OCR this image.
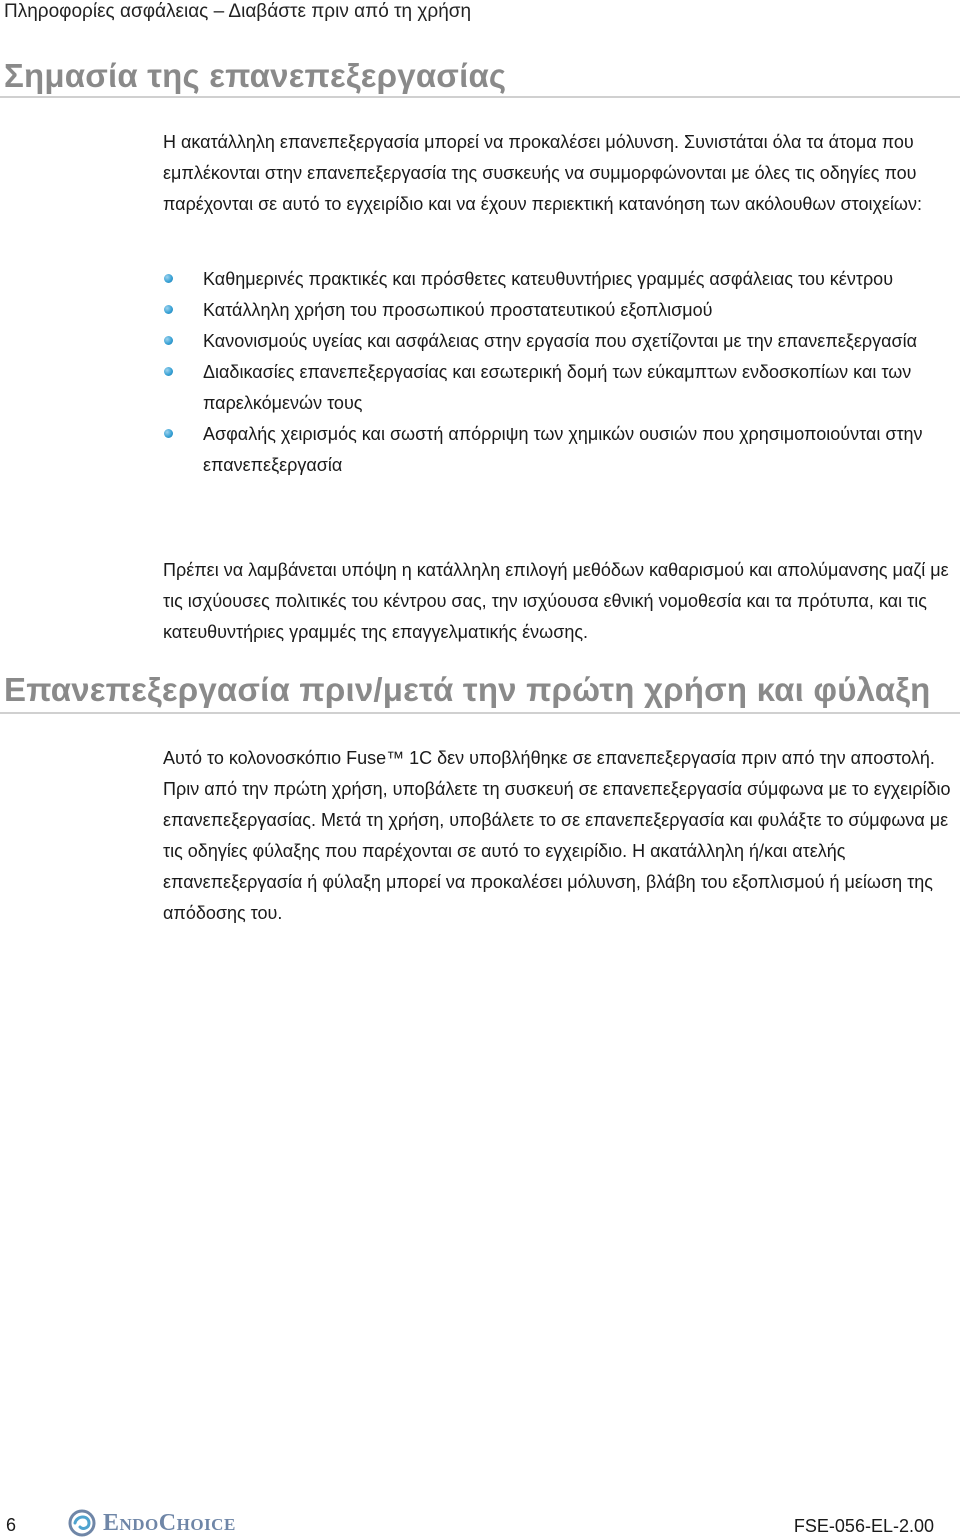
Πληροφορίες ασφάλειας – Διαβάστε πριν από τη χρήση
Σημασία της επανεπεξεργασίας

Η ακατάλληλη επανεπεξεργασία μπορεί να προκαλέσει μόλυνση. Συνιστάται όλα τα άτομα που εμπλέκονται στην επανεπεξεργασία της συσκευής να συμμορφώνονται με όλες τις οδηγίες που παρέχονται σε αυτό το εγχειρίδιο και να έχουν περιεκτική κατανόηση των ακόλουθων στοιχείων:

Καθημερινές πρακτικές και πρόσθετες κατευθυντήριες γραμμές ασφάλειας του κέντρου
Κατάλληλη χρήση του προσωπικού προστατευτικού εξοπλισμού
Κανονισμούς υγείας και ασφάλειας στην εργασία που σχετίζονται με την επανεπεξεργασία
Διαδικασίες επανεπεξεργασίας και εσωτερική δομή των εύκαμπτων ενδοσκοπίων και των παρελκόμενών τους
Ασφαλής χειρισμός και σωστή απόρριψη των χημικών ουσιών που χρησιμοποιούνται στην επανεπεξεργασία

Πρέπει να λαμβάνεται υπόψη η κατάλληλη επιλογή μεθόδων καθαρισμού και απολύμανσης μαζί με τις ισχύουσες πολιτικές του κέντρου σας, την ισχύουσα εθνική νομοθεσία και τα πρότυπα, και τις κατευθυντήριες γραμμές της επαγγελματικής ένωσης.

Επανεπεξεργασία πριν/μετά την πρώτη χρήση και φύλαξη

Αυτό το κολονοσκόπιο Fuse™ 1C δεν υποβλήθηκε σε επανεπεξεργασία πριν από την αποστολή. Πριν από την πρώτη χρήση, υποβάλετε τη συσκευή σε επανεπεξεργασία σύμφωνα με το εγχειρίδιο επανεπεξεργασίας. Μετά τη χρήση, υποβάλετε το σε επανεπεξεργασία και φυλάξτε το σύμφωνα με τις οδηγίες φύλαξης που παρέχονται σε αυτό το εγχειρίδιο. Η ακατάλληλη ή/και ατελής επανεπεξεργασία ή φύλαξη μπορεί να προκαλέσει μόλυνση, βλάβη του εξοπλισμού ή μείωση της απόδοσης του.

6	EndoChoice	FSE-056-EL-2.00
